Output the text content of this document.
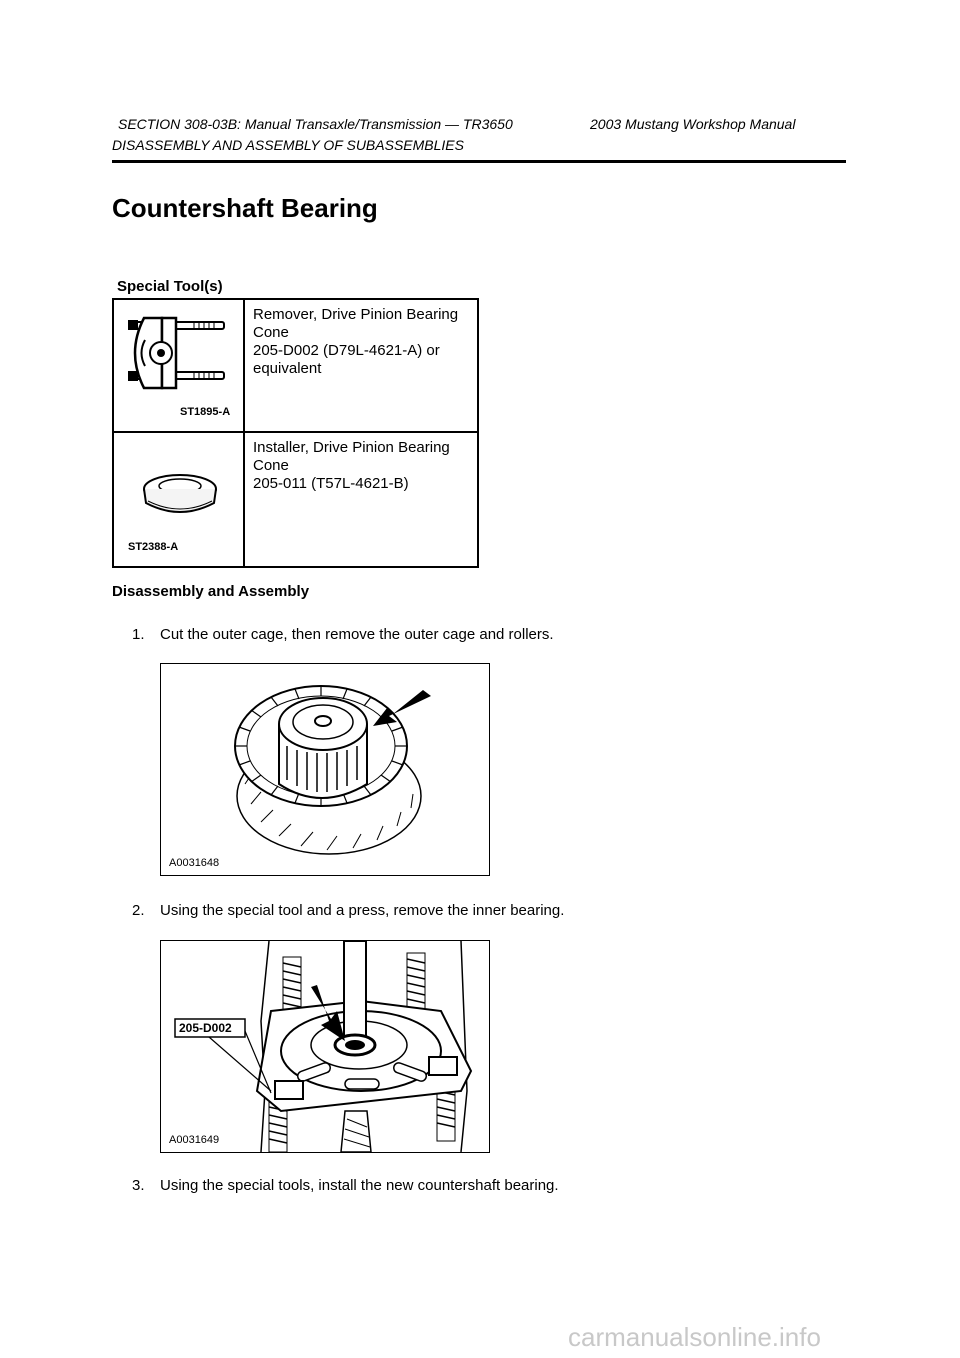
SECTION 308-03B: Manual Transaxle/Transmission — TR3650	2003 Mustang Workshop Manual
DISASSEMBLY AND ASSEMBLY OF SUBASSEMBLIES
Countershaft Bearing
Special Tool(s)
ST1895-A	Remover, Drive Pinion Bearing
Cone
205-D002 (D79L-4621-A) or
equivalent

ST2388-A	Installer, Drive Pinion Bearing
Cone
205-011 (T57L-4621-B)
Disassembly and Assembly
1. Cut the outer cage, then remove the outer cage and rollers.
A0031648
2. Using the special tool and a press, remove the inner bearing.
205-D002
A0031649
3. Using the special tools, install the new countershaft bearing.
carmanualsonline.info
